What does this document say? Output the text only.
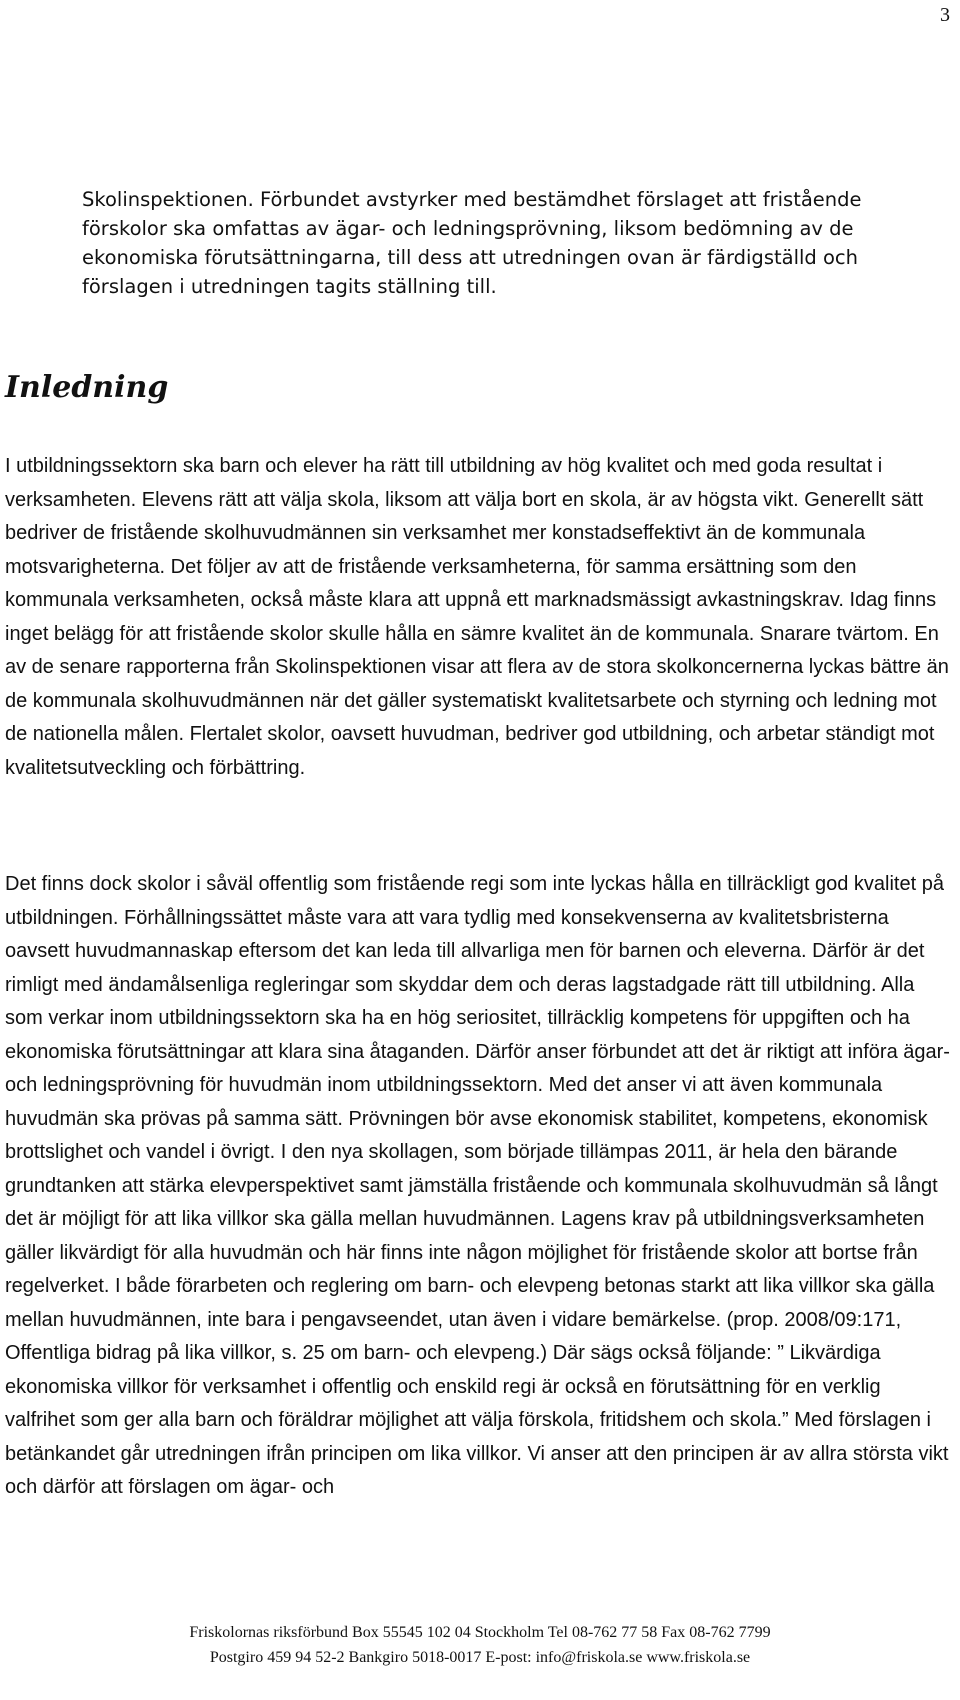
3

Skolinspektionen. Förbundet avstyrker med bestämdhet förslaget att fristående förskolor ska omfattas av ägar- och ledningsprövning, liksom bedömning av de ekonomiska förutsättningarna, till dess att utredningen ovan är färdigställd och förslagen i utredningen tagits ställning till.

Inledning

I utbildningssektorn ska barn och elever ha rätt till utbildning av hög kvalitet och med goda resultat i verksamheten. Elevens rätt att välja skola, liksom att välja bort en skola, är av högsta vikt. Generellt sätt bedriver de fristående skolhuvudmännen sin verksamhet mer konstadseffektivt än de kommunala motsvarigheterna. Det följer av att de fristående verksamheterna, för samma ersättning som den kommunala verksamheten, också måste klara att uppnå ett marknadsmässigt avkastningskrav. Idag finns inget belägg för att fristående skolor skulle hålla en sämre kvalitet än de kommunala. Snarare tvärtom. En av de senare rapporterna från Skolinspektionen visar att flera av de stora skolkoncernerna lyckas bättre än de kommunala skolhuvudmännen när det gäller systematiskt kvalitetsarbete och styrning och ledning mot de nationella målen. Flertalet skolor, oavsett huvudman, bedriver god utbildning, och arbetar ständigt mot kvalitetsutveckling och förbättring.

Det finns dock skolor i såväl offentlig som fristående regi som inte lyckas hålla en tillräckligt god kvalitet på utbildningen. Förhållningssättet måste vara att vara tydlig med konsekvenserna av kvalitetsbristerna oavsett huvudmannaskap eftersom det kan leda till allvarliga men för barnen och eleverna. Därför är det rimligt med ändamålsenliga regleringar som skyddar dem och deras lagstadgade rätt till utbildning. Alla som verkar inom utbildningssektorn ska ha en hög seriositet, tillräcklig kompetens för uppgiften och ha ekonomiska förutsättningar att klara sina åtaganden. Därför anser förbundet att det är riktigt att införa ägar- och ledningsprövning för huvudmän inom utbildningssektorn. Med det anser vi att även kommunala huvudmän ska prövas på samma sätt. Prövningen bör avse ekonomisk stabilitet, kompetens, ekonomisk brottslighet och vandel i övrigt. I den nya skollagen, som började tillämpas 2011, är hela den bärande grundtanken att stärka elevperspektivet samt jämställa fristående och kommunala skolhuvudmän så långt det är möjligt för att lika villkor ska gälla mellan huvudmännen. Lagens krav på utbildningsverksamheten gäller likvärdigt för alla huvudmän och här finns inte någon möjlighet för fristående skolor att bortse från regelverket. I både förarbeten och reglering om barn- och elevpeng betonas starkt att lika villkor ska gälla mellan huvudmännen, inte bara i pengavseendet, utan även i vidare bemärkelse. (prop. 2008/09:171, Offentliga bidrag på lika villkor, s. 25 om barn- och elevpeng.) Där sägs också följande: ” Likvärdiga ekonomiska villkor för verksamhet i offentlig och enskild regi är också en förutsättning för en verklig valfrihet som ger alla barn och föräldrar möjlighet att välja förskola, fritidshem och skola.” Med förslagen i betänkandet går utredningen ifrån principen om lika villkor. Vi anser att den principen är av allra största vikt och därför att förslagen om ägar- och

Friskolornas riksförbund Box 55545 102 04 Stockholm Tel 08-762 77 58 Fax 08-762 7799
Postgiro 459 94 52-2 Bankgiro 5018-0017 E-post: info@friskola.se www.friskola.se
